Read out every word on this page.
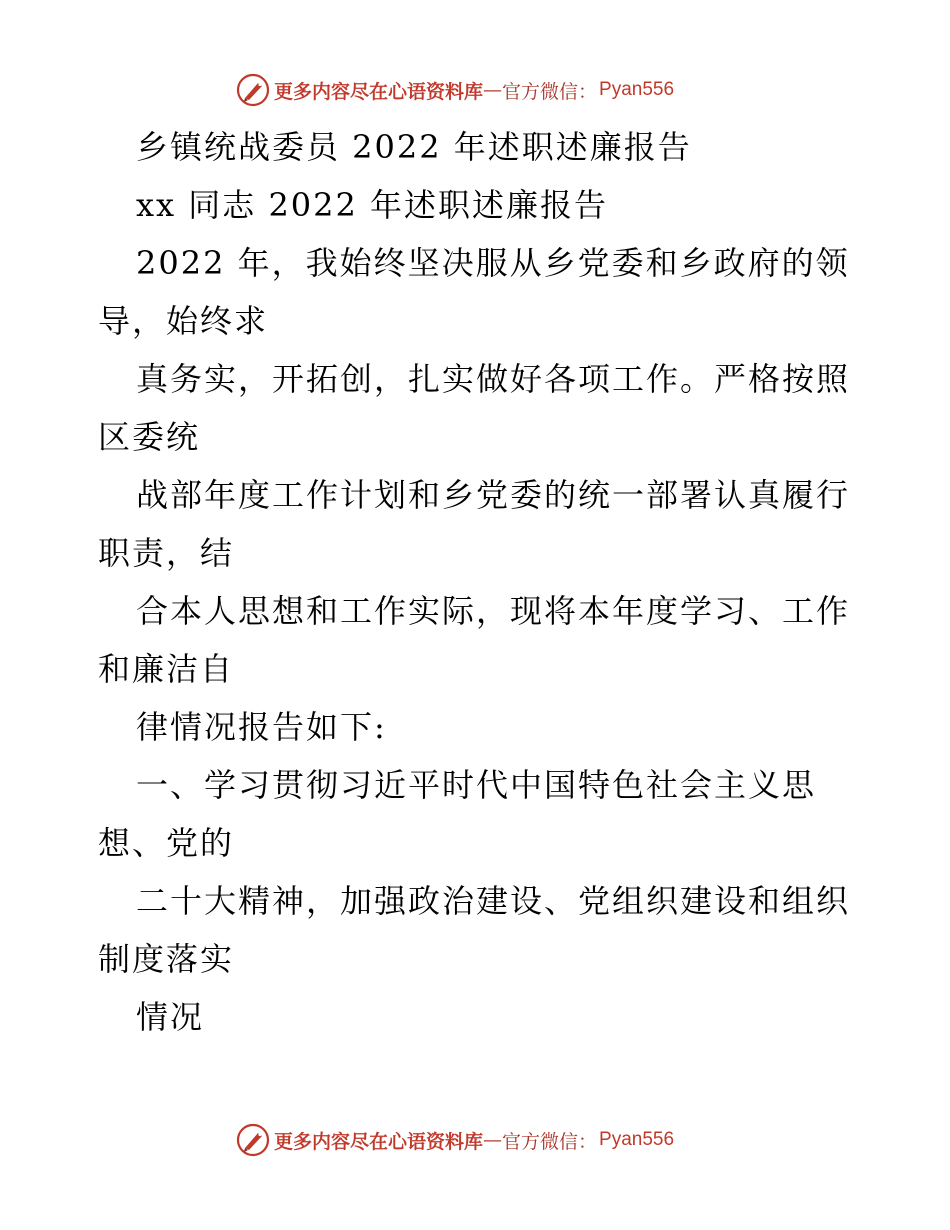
更多内容尽在心语资料库 — 官方微信： Pyan556
乡镇统战委员 2022 年述职述廉报告
xx 同志 2022 年述职述廉报告
2022 年，我始终坚决服从乡党委和乡政府的领
导，始终求
真务实，开拓创，扎实做好各项工作。严格按照
区委统
战部年度工作计划和乡党委的统一部署认真履行
职责，结
合本人思想和工作实际，现将本年度学习、工作
和廉洁自
律情况报告如下:
一、学习贯彻习近平时代中国特色社会主义思
想、党的
二十大精神，加强政治建设、党组织建设和组织
制度落实
情况
更多内容尽在心语资料库 — 官方微信： Pyan556
